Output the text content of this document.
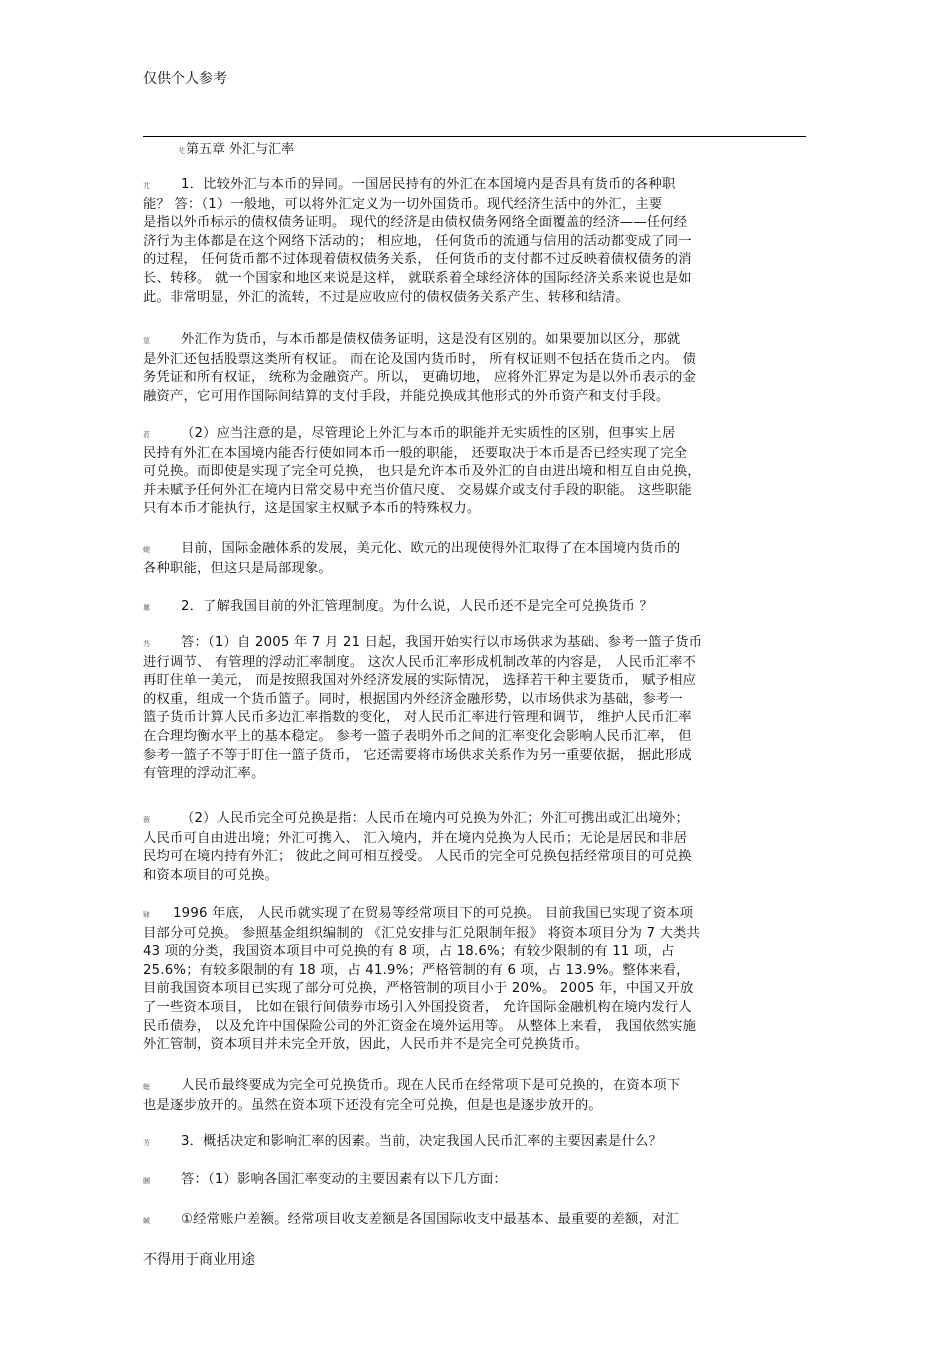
仅供个人参考
芅第五章 外汇与汇率
芁 1．比较外汇与本币的异同。一国居民持有的外汇在本国境内是否具有货币的各种职
能？ 答：（1）一般地，可以将外汇定义为一切外国货币。现代经济生活中的外汇，主要
是指以外币标示的债权债务证明。 现代的经济是由债权债务网络全面覆盖的经济——任何经
济行为主体都是在这个网络下活动的； 相应地， 任何货币的流通与信用的活动都变成了同一
的过程， 任何货币都不过体现着债权债务关系， 任何货币的支付都不过反映着债权债务的消
长、转移。 就一个国家和地区来说是这样， 就联系着全球经济体的国际经济关系来说也是如
此。非常明显，外汇的流转，不过是应收应付的债权债务关系产生、转移和结清。
莁 外汇作为货币，与本币都是债权债务证明，这是没有区别的。如果要加以区分，那就
是外汇还包括股票这类所有权证。 而在论及国内货币时， 所有权证则不包括在货币之内。 债
务凭证和所有权证， 统称为金融资产。所以， 更确切地， 应将外汇界定为是以外币表示的金
融资产，它可用作国际间结算的支付手段，并能兑换成其他形式的外币资产和支付手段。
蒞 （2）应当注意的是，尽管理论上外汇与本币的职能并无实质性的区别，但事实上居
民持有外汇在本国境内能否行使如同本币一般的职能， 还要取决于本币是否已经实现了完全
可兑换。而即使是实现了完全可兑换， 也只是允许本币及外汇的自由进出境和相互自由兑换，
并未赋予任何外汇在境内日常交易中充当价值尺度、 交易媒介或支付手段的职能。 这些职能
只有本币才能执行，这是国家主权赋予本币的特殊权力。
螁 目前，国际金融体系的发展，美元化、欧元的出现使得外汇取得了在本国境内货币的
各种职能，但这只是局部现象。
羃 2．了解我国目前的外汇管理制度。为什么说，人民币还不是完全可兑换货币 ？
艿 答：（1）自 2005 年 7 月 21 日起，我国开始实行以市场供求为基础、参考一篮子货币
进行调节、 有管理的浮动汇率制度。 这次人民币汇率形成机制改革的内容是， 人民币汇率不
再盯住单一美元， 而是按照我国对外经济发展的实际情况， 选择若干种主要货币， 赋予相应
的权重，组成一个货币篮子。同时，根据国内外经济金融形势，以市场供求为基础，参考一
篮子货币计算人民币多边汇率指数的变化， 对人民币汇率进行管理和调节， 维护人民币汇率
在合理均衡水平上的基本稳定。 参考一篮子表明外币之间的汇率变化会影响人民币汇率， 但
参考一篮子不等于盯住一篮子货币， 它还需要将市场供求关系作为另一重要依据， 据此形成
有管理的浮动汇率。
薇 （2）人民币完全可兑换是指：人民币在境内可兑换为外汇；外汇可携出或汇出境外；
人民币可自由进出境；外汇可携入、 汇入境内，并在境内兑换为人民币；无论是居民和非居
民均可在境内持有外汇； 彼此之间可相互授受。 人民币的完全可兑换包括经常项目的可兑换
和资本项目的可兑换。
肄 1996 年底， 人民币就实现了在贸易等经常项目下的可兑换。 目前我国已实现了资本项
目部分可兑换。 参照基金组织编制的 《汇兑安排与汇兑限制年报》 将资本项目分为 7 大类共
43 项的分类，我国资本项目中可兑换的有 8 项，占 18.6%；有较少限制的有 11 项，占
25.6%；有较多限制的有 18 项，占 41.9%；严格管制的有 6 项，占 13.9%。整体来看，
目前我国资本项目已实现了部分可兑换，严格管制的项目小于 20%。 2005 年，中国又开放
了一些资本项目， 比如在银行间债券市场引入外国投资者， 允许国际金融机构在境内发行人
民币债券， 以及允许中国保险公司的外汇资金在境外运用等。 从整体上来看， 我国依然实施
外汇管制，资本项目并未完全开放，因此，人民币并不是完全可兑换货币。
螅 人民币最终要成为完全可兑换货币。现在人民币在经常项下是可兑换的，在资本项下
也是逐步放开的。虽然在资本项下还没有完全可兑换，但是也是逐步放开的。
艻 3．概括决定和影响汇率的因素。当前，决定我国人民币汇率的主要因素是什么？
膕 答：（1）影响各国汇率变动的主要因素有以下几方面：
蝛 ①经常账户差额。经常项目收支差额是各国国际收支中最基本、最重要的差额，对汇
不得用于商业用途
